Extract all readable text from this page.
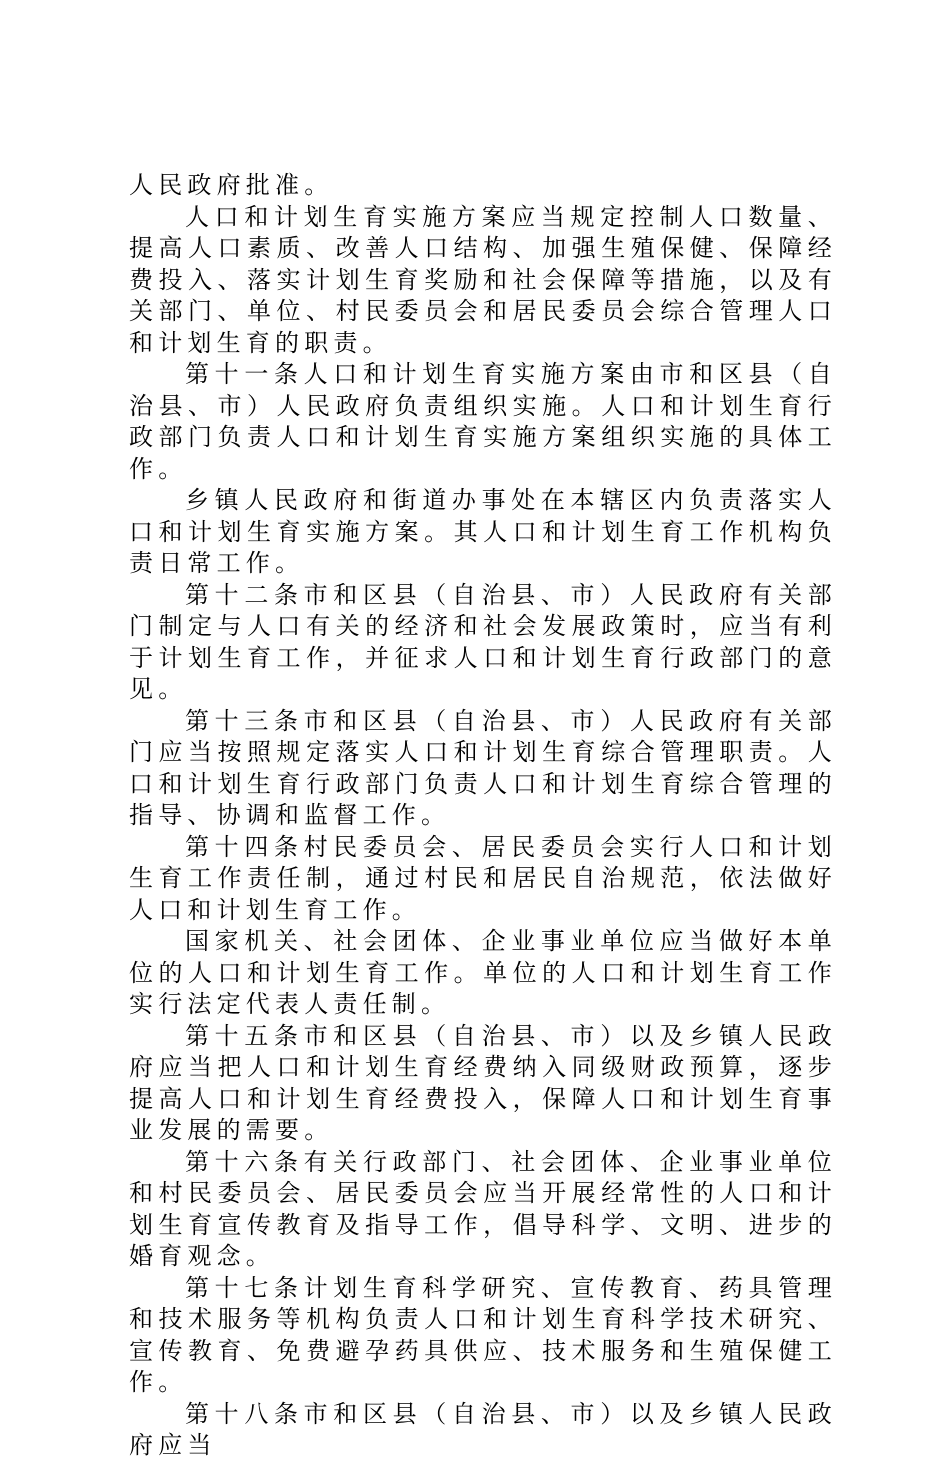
人民政府批准。

人口和计划生育实施方案应当规定控制人口数量、提高人口素质、改善人口结构、加强生殖保健、保障经费投入、落实计划生育奖励和社会保障等措施，以及有关部门、单位、村民委员会和居民委员会综合管理人口和计划生育的职责。

第十一条人口和计划生育实施方案由市和区县（自治县、市）人民政府负责组织实施。人口和计划生育行政部门负责人口和计划生育实施方案组织实施的具体工作。

乡镇人民政府和街道办事处在本辖区内负责落实人口和计划生育实施方案。其人口和计划生育工作机构负责日常工作。

第十二条市和区县（自治县、市）人民政府有关部门制定与人口有关的经济和社会发展政策时，应当有利于计划生育工作，并征求人口和计划生育行政部门的意见。

第十三条市和区县（自治县、市）人民政府有关部门应当按照规定落实人口和计划生育综合管理职责。人口和计划生育行政部门负责人口和计划生育综合管理的指导、协调和监督工作。

第十四条村民委员会、居民委员会实行人口和计划生育工作责任制，通过村民和居民自治规范，依法做好人口和计划生育工作。

国家机关、社会团体、企业事业单位应当做好本单位的人口和计划生育工作。单位的人口和计划生育工作实行法定代表人责任制。

第十五条市和区县（自治县、市）以及乡镇人民政府应当把人口和计划生育经费纳入同级财政预算，逐步提高人口和计划生育经费投入，保障人口和计划生育事业发展的需要。

第十六条有关行政部门、社会团体、企业事业单位和村民委员会、居民委员会应当开展经常性的人口和计划生育宣传教育及指导工作，倡导科学、文明、进步的婚育观念。

第十七条计划生育科学研究、宣传教育、药具管理和技术服务等机构负责人口和计划生育科学技术研究、宣传教育、免费避孕药具供应、技术服务和生殖保健工作。

第十八条市和区县（自治县、市）以及乡镇人民政府应当
